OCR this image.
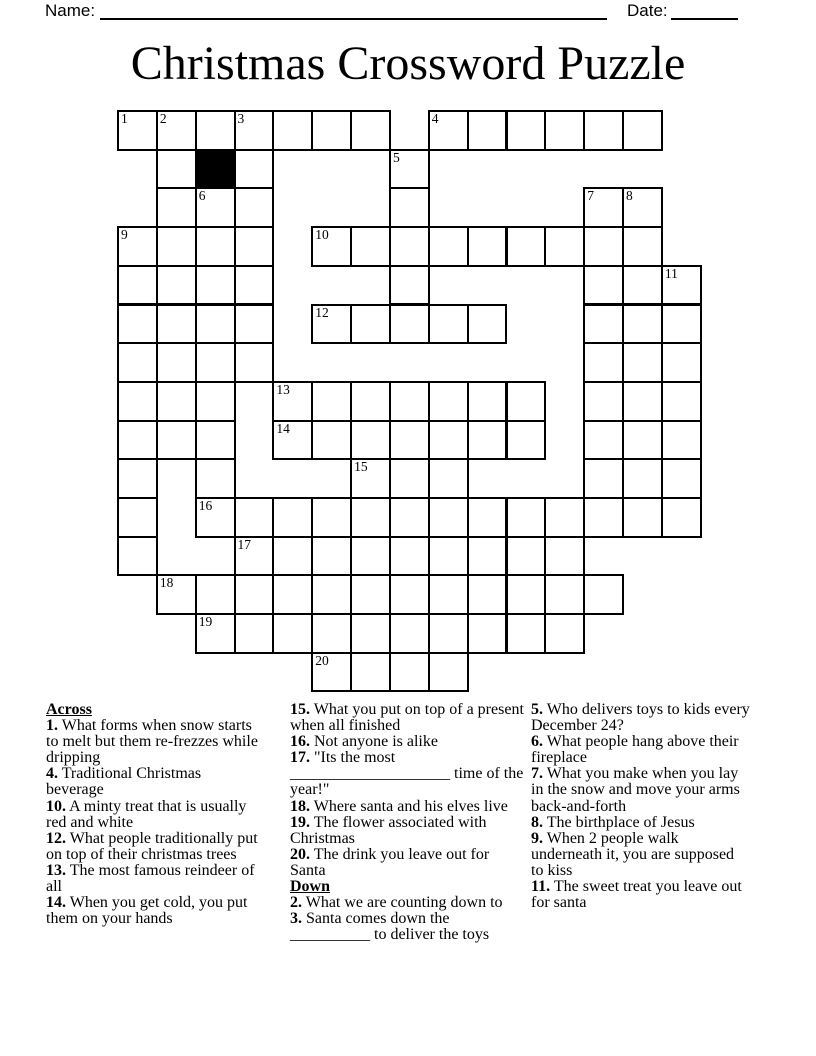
Name:	Date:
Christmas Crossword Puzzle
1 2	3	4
5
6	7 8
9	10
11
12
13
14
15
16
17
18
19
20
Across
1. What forms when snow starts to melt but them re-frezzes while dripping
4. Traditional Christmas beverage
10. A minty treat that is usually red and white
12. What people traditionally put on top of their christmas trees
13. The most famous reindeer of all
14. When you get cold, you put them on your hands
15. What you put on top of a present when all finished
16. Not anyone is alike
17. "Its the most ____________________ time of the year!"
18. Where santa and his elves live
19. The flower associated with Christmas
20. The drink you leave out for Santa
Down
2. What we are counting down to
3. Santa comes down the __________ to deliver the toys
5. Who delivers toys to kids every December 24?
6. What people hang above their fireplace
7. What you make when you lay in the snow and move your arms back-and-forth
8. The birthplace of Jesus
9. When 2 people walk underneath it, you are supposed to kiss
11. The sweet treat you leave out for santa
